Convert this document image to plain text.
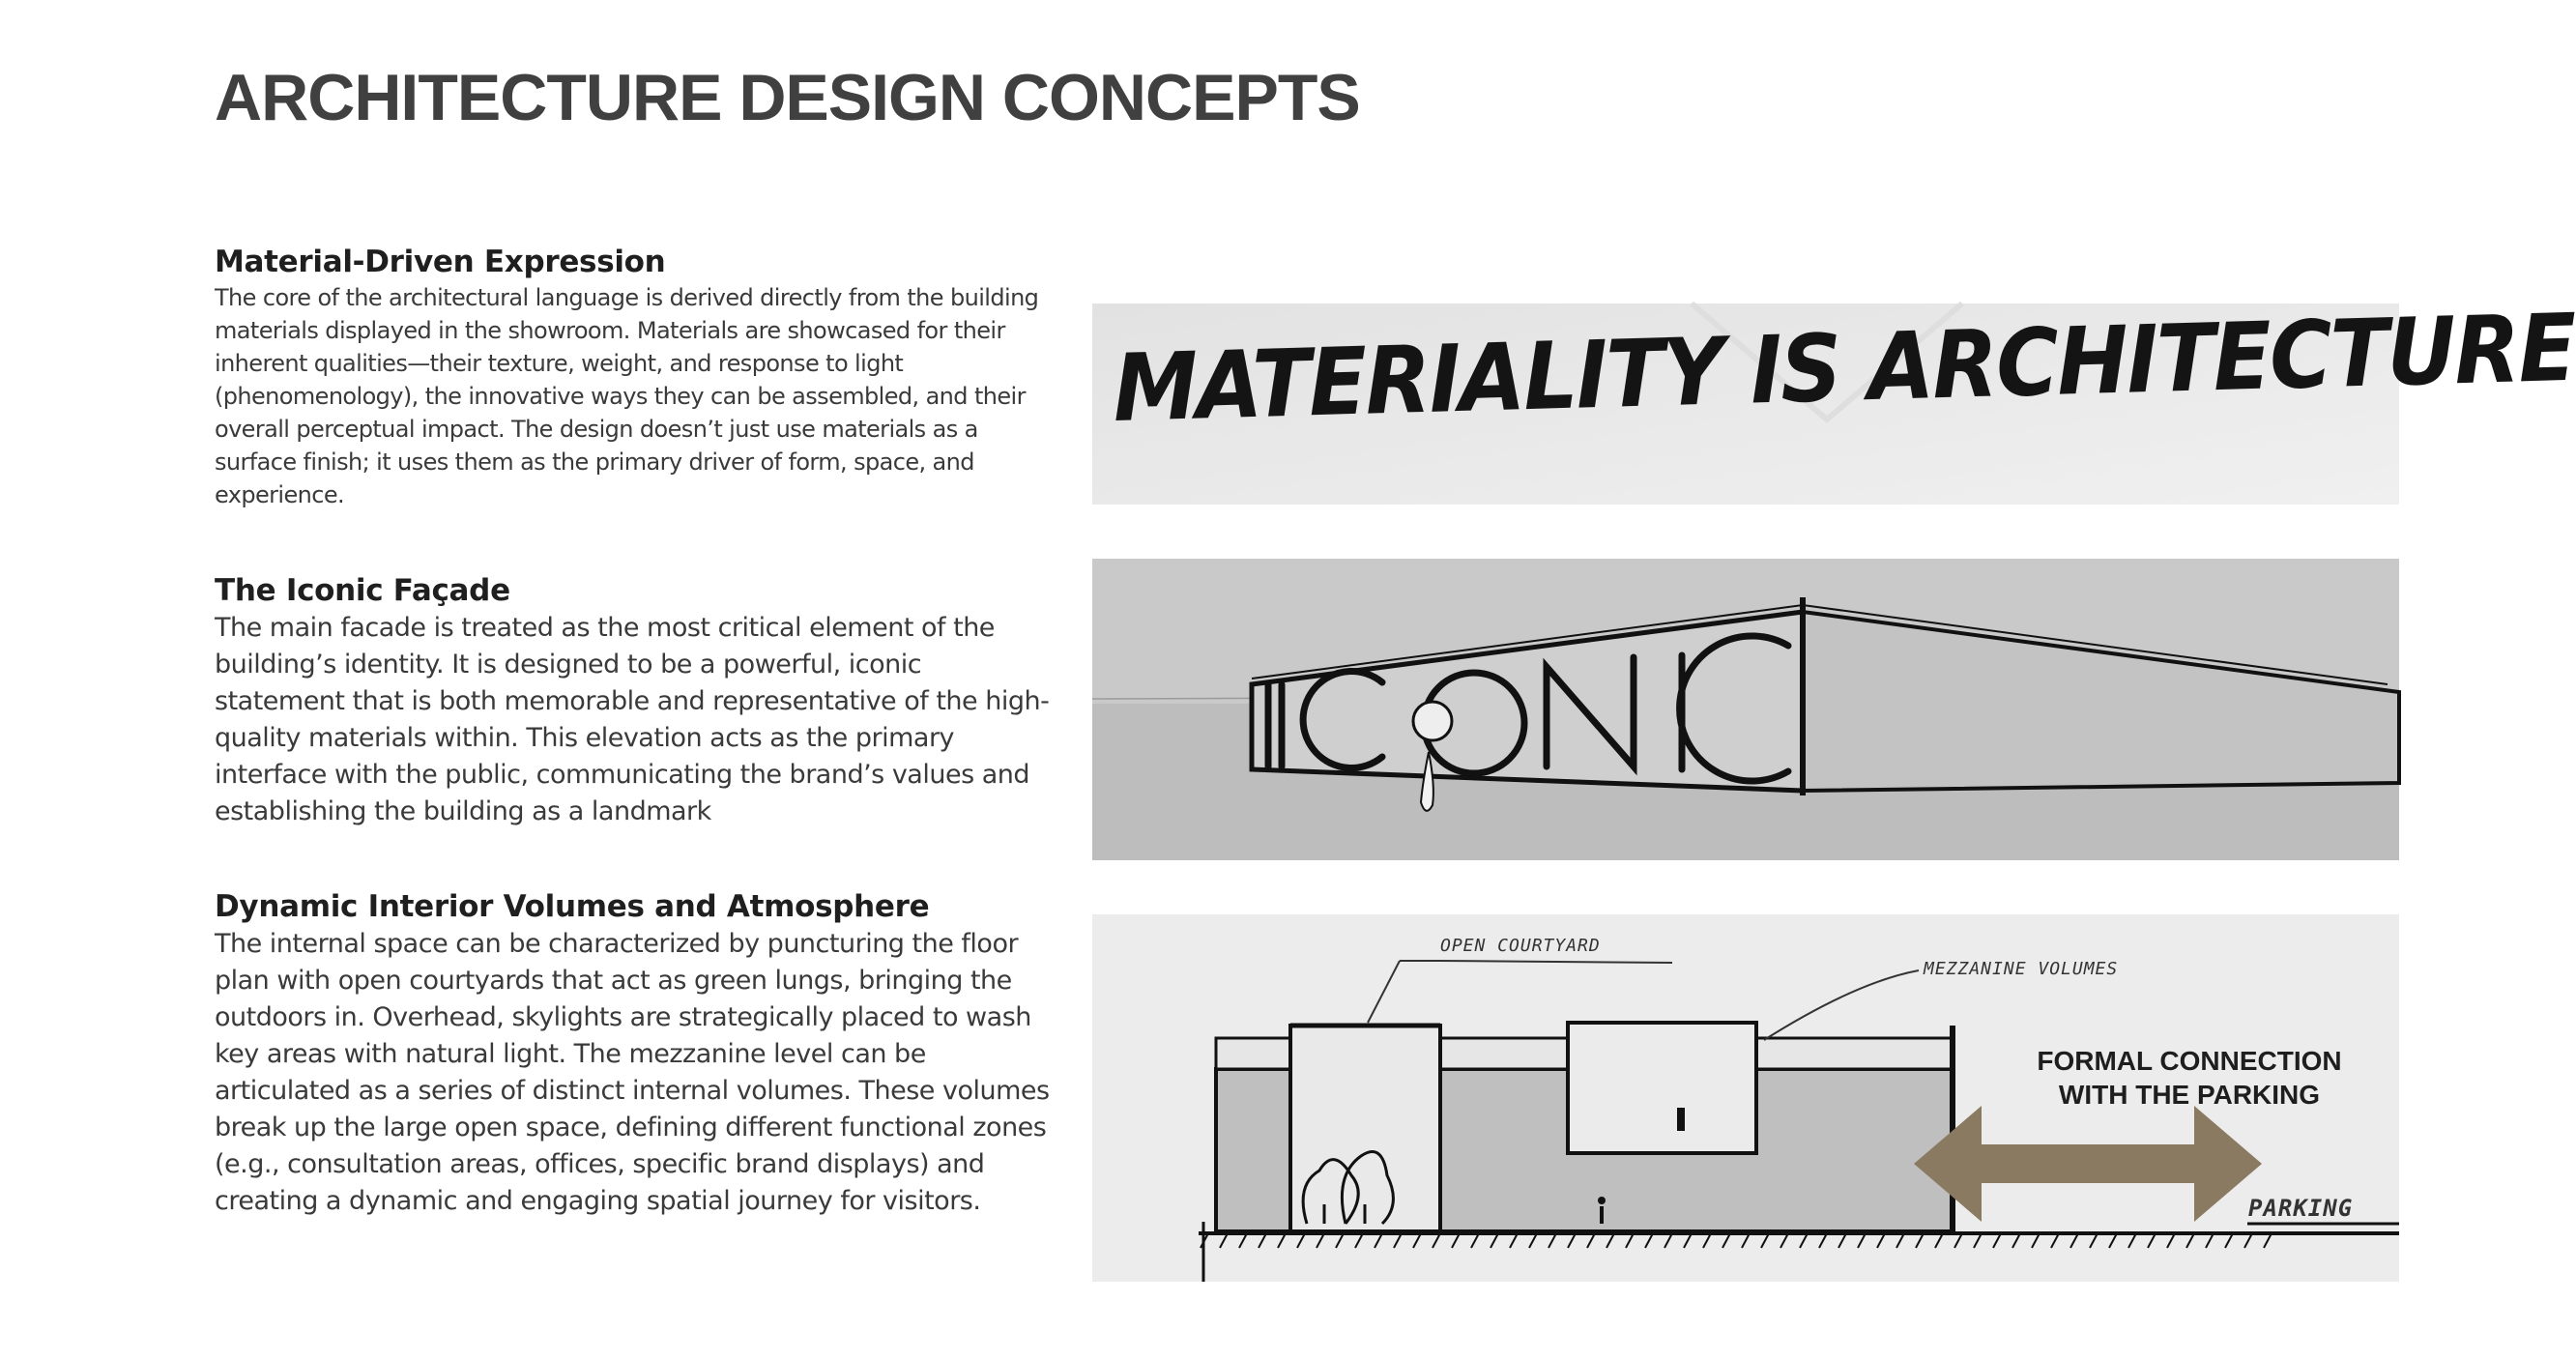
ARCHITECTURE DESIGN CONCEPTS
Material-Driven Expression

The core of the architectural language is derived directly from the building materials displayed in the showroom. Materials are showcased for their inherent qualities—their texture, weight, and response to light (phenomenology), the innovative ways they can be assembled, and their overall perceptual impact. The design doesn’t just use materials as a surface finish; it uses them as the primary driver of form, space, and experience.

The Iconic Façade

The main facade is treated as the most critical element of the building’s identity. It is designed to be a powerful, iconic statement that is both memorable and representative of the high-quality materials within. This elevation acts as the primary interface with the public, communicating the brand’s values and establishing the building as a landmark

Dynamic Interior Volumes and Atmosphere

The internal space can be characterized by puncturing the floor plan with open courtyards that act as green lungs, bringing the outdoors in. Overhead, skylights are strategically placed to wash key areas with natural light. The mezzanine level can be articulated as a series of distinct internal volumes. These volumes break up the large open space, defining different functional zones (e.g., consultation areas, offices, specific brand displays) and creating a dynamic and engaging spatial journey for visitors.

MATERIALITY IS ARCHITECTURE
OPEN COURTYARD
MEZZANINE VOLUMES
PARKING
FORMAL CONNECTION
WITH THE PARKING
